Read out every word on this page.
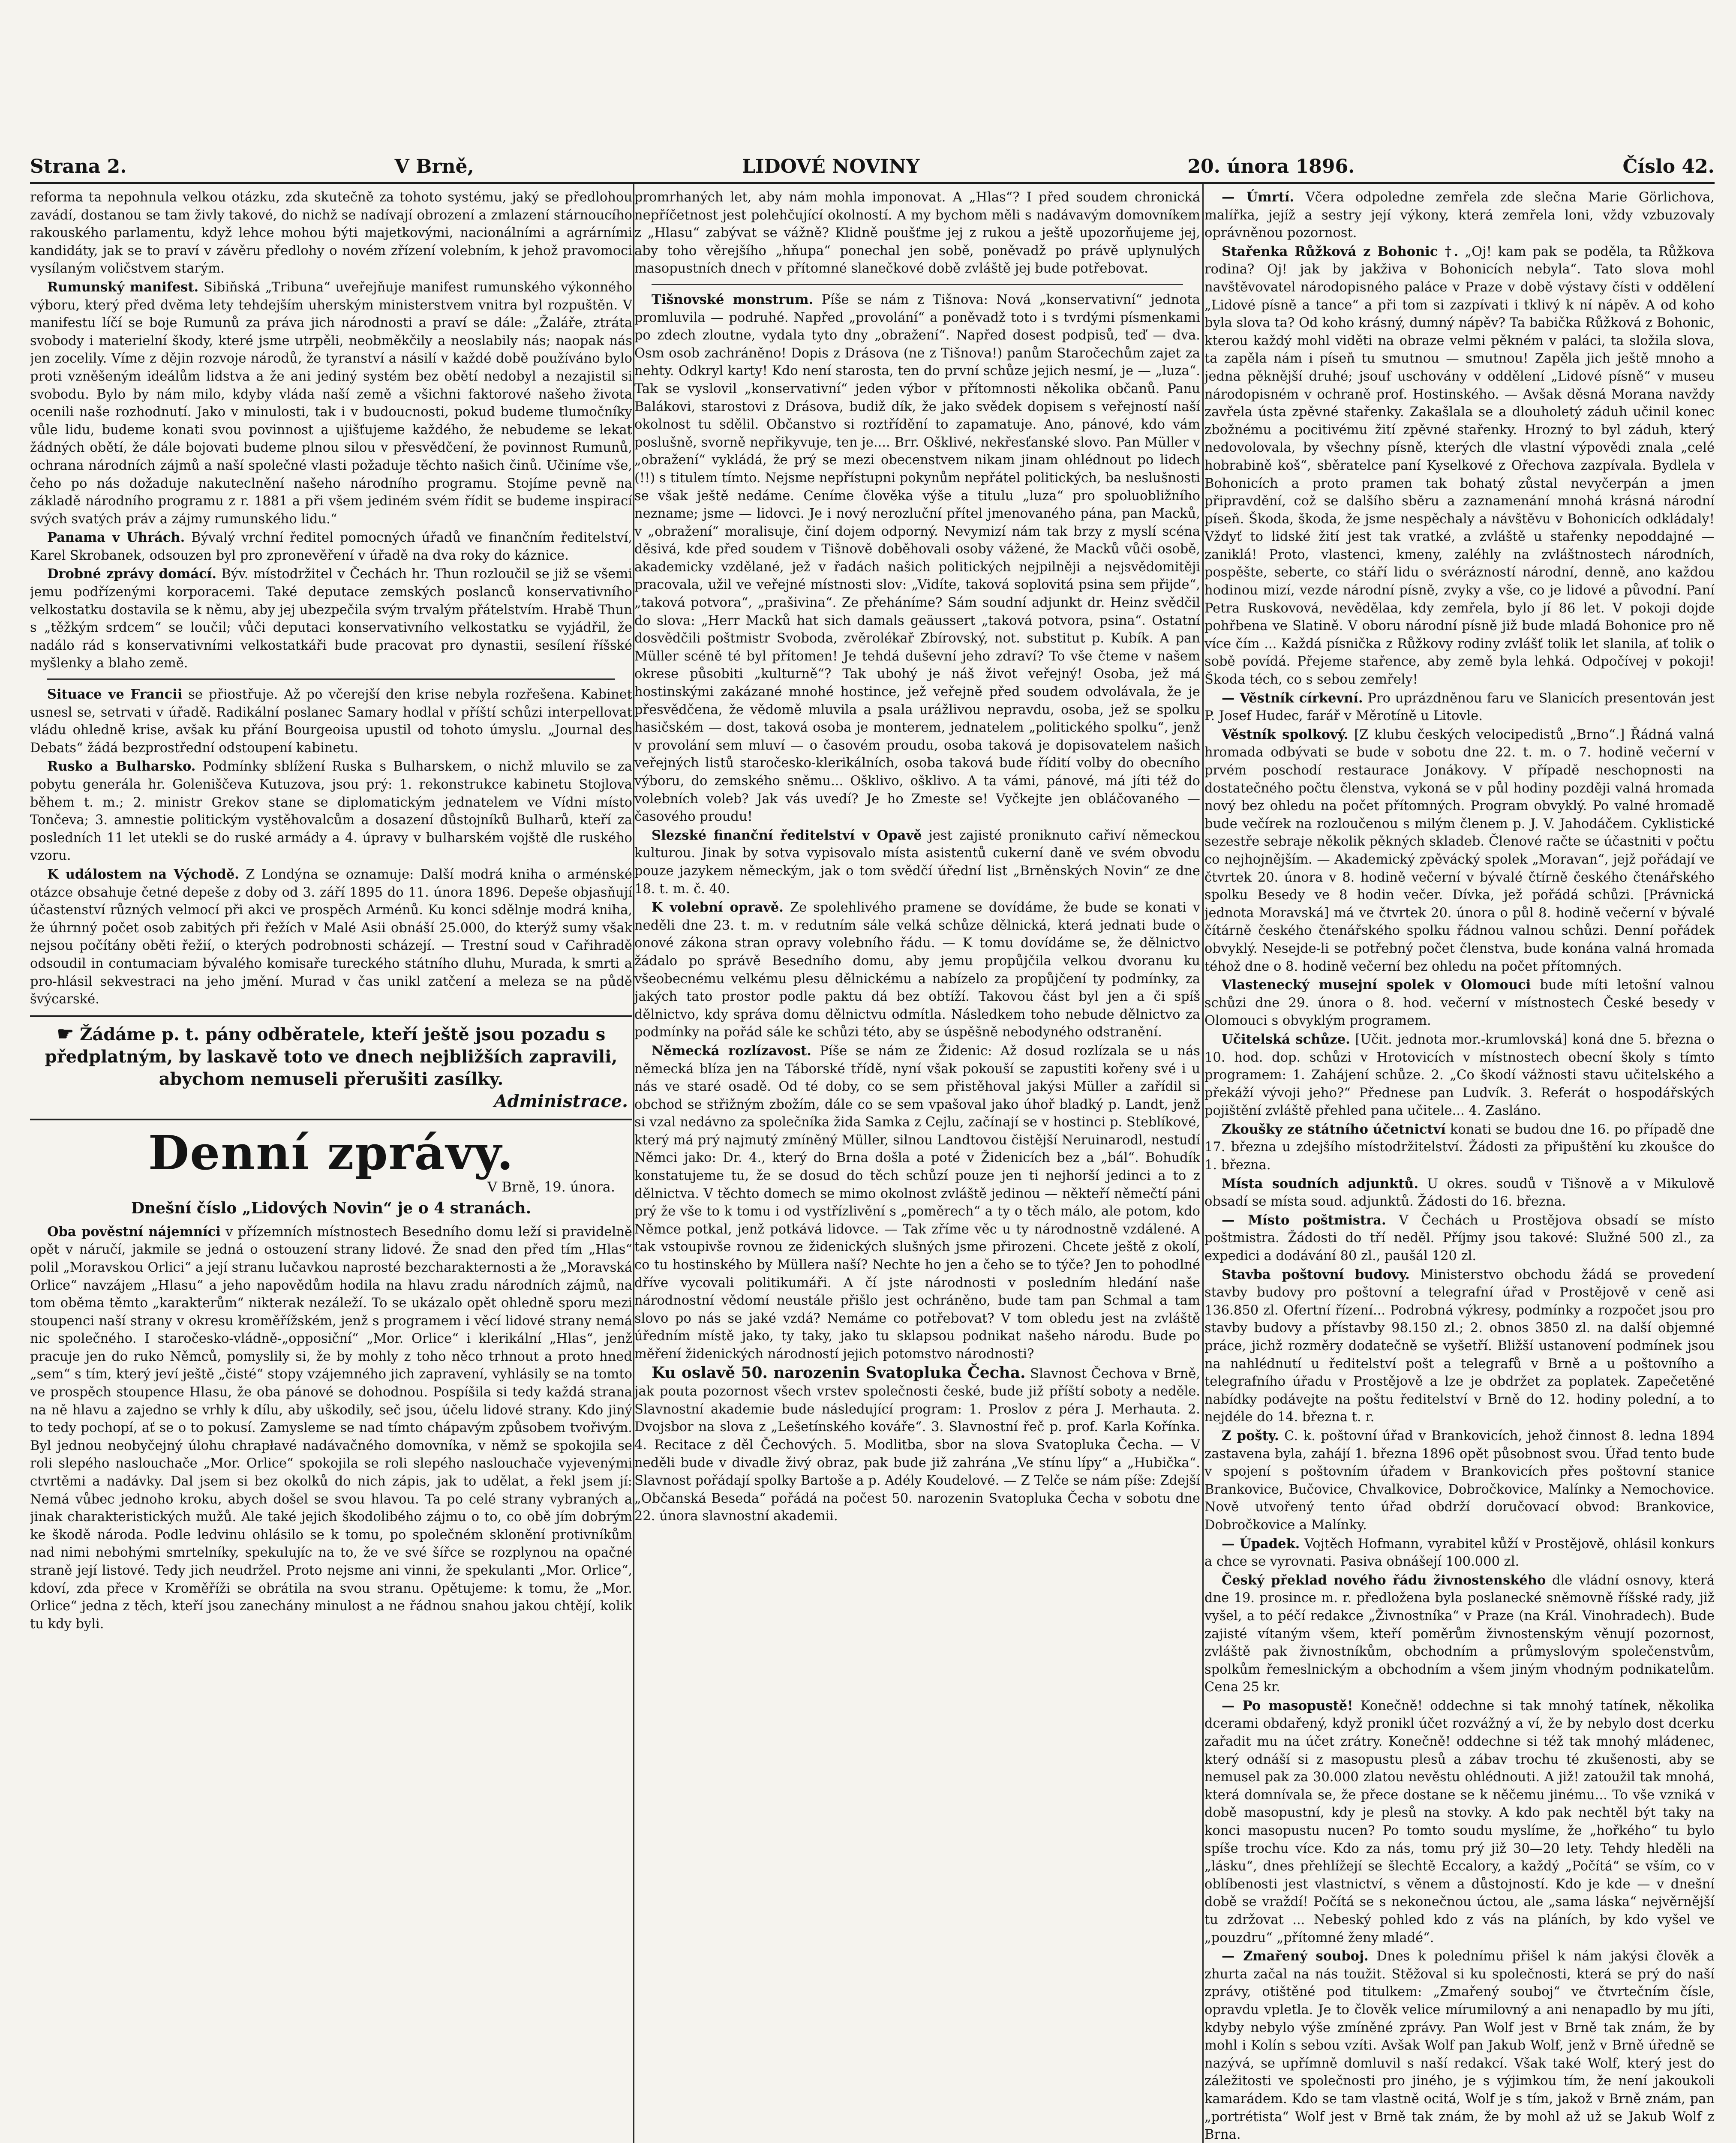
Strana 2.	V Brně,	LIDOVÉ NOVINY	20. února 1896.	Číslo 42.

reforma ta nepohnula velkou otázku, zda skutečně za tohoto systému, jaký se předlohou zavádí, dostanou se tam živly takové, do nichž se nadívají obrození a zmlazení stárnoucího rakouského parlamentu, když lehce mohou býti majetkovými, nacionálními a agrárními kandidáty, jak se to praví v závěru předlohy o novém zřízení volebním, k jehož pravomoci vysílaným voličstvem starým.

Rumunský manifest. Sibiňská „Tribuna“ uveřejňuje manifest rumunského výkonného výboru, který před dvěma lety tehdejším uherským ministerstvem vnitra byl rozpuštěn. V manifestu líčí se boje Rumunů za práva jich národnosti a praví se dále: „Žaláře, ztráta svobody i materielní škody, které jsme utrpěli, neobměkčily a neoslabily nás; naopak nás jen zocelily. Víme z dějin rozvoje národů, že tyranství a násilí v každé době používáno bylo proti vzněšeným ideálům lidstva a že ani jediný systém bez obětí nedobyl a nezajistil si svobodu. Bylo by nám milo, kdyby vláda naší země a všichni faktorové našeho života ocenili naše rozhodnutí. Jako v minulosti, tak i v budoucnosti, pokud budeme tlumočníky vůle lidu, budeme konati svou povinnost a ujišťujeme každého, že nebudeme se lekat žádných obětí, že dále bojovati budeme plnou silou v přesvědčení, že povinnost Rumunů, ochrana národních zájmů a naší společné vlasti požaduje těchto našich činů. Učiníme vše, čeho po nás dožaduje nakuteclnění našeho národního programu. Stojíme pevně na základě národního programu z r. 1881 a při všem jediném svém řídit se budeme inspirací svých svatých práv a zájmy rumunského lidu.“

Panama v Uhrách. Bývalý vrchní ředitel pomocných úřadů ve finančním ředitelství, Karel Skrobanek, odsouzen byl pro zpronevěření v úřadě na dva roky do káznice.

Drobné zprávy domácí. Býv. místodržitel v Čechách hr. Thun rozloučil se již se všemi jemu podřízenými korporacemi. Také deputace zemských poslanců konservativního velkostatku dostavila se k němu, aby jej ubezpečila svým trvalým přátelstvím. Hrabě Thun s „těžkým srdcem“ se loučil; vůči deputaci konservativního velkostatku se vyjádřil, že nadálo rád s konservativními velkostatkáři bude pracovat pro dynastii, sesílení říšské myšlenky a blaho země.

Situace ve Francii se přiostřuje. Až po včerejší den krise nebyla rozřešena. Kabinet usnesl se, setrvati v úřadě. Radikální poslanec Samary hodlal v příští schůzi interpellovat vládu ohledně krise, avšak ku přání Bourgeoisa upustil od tohoto úmyslu. „Journal des Debats“ žádá bezprostřední odstoupení kabinetu.

Rusko a Bulharsko. Podmínky sblížení Ruska s Bulharskem, o nichž mluvilo se za pobytu generála hr. Goleniščeva Kutuzova, jsou prý: 1. rekonstrukce kabinetu Stojlova během t. m.; 2. ministr Grekov stane se diplomatickým jednatelem ve Vídni místo Tončeva; 3. amnestie politickým vystěhovalcům a dosazení důstojníků Bulharů, kteří za posledních 11 let utekli se do ruské armády a 4. úpravy v bulharském vojště dle ruského vzoru.

K událostem na Východě. Z Londýna se oznamuje: Další modrá kniha o arménské otázce obsahuje četné depeše z doby od 3. září 1895 do 11. února 1896. Depeše objasňují účastenství různých velmocí při akci ve prospěch Arménů. Ku konci sdělnje modrá kniha, že úhrnný počet osob zabitých při řežích v Malé Asii obnáší 25.000, do kterýž sumy však nejsou počítány oběti řežií, o kterých podrobnosti scházejí. — Trestní soud v Cařihradě odsoudil in contumaciam bývalého komisaře tureckého státního dluhu, Murada, k smrti a pro-hlásil sekvestraci na jeho jmění. Murad v čas unikl zatčení a meleza se na půdě švýcarské.

☛ Žádáme p. t. pány odběratele, kteří ještě jsou pozadu s předplatným, by laskavě toto ve dnech nejbližších zapravili, abychom nemuseli přerušiti zasílky.
Administrace.
Denní zprávy.
V Brně, 19. února.
Dnešní číslo „Lidových Novin“ je o 4 stranách.

Oba pověstní nájemníci v přízemních místnostech Besedního domu leží si pravidelně opět v náručí, jakmile se jedná o ostouzení strany lidové. Že snad den před tím „Hlas“ polil „Moravskou Orlici“ a její stranu lučavkou naprosté bezcharakternosti a že „Moravská Orlice“ navzájem „Hlasu“ a jeho napovědům hodila na hlavu zradu národních zájmů, na tom oběma těmto „karakterům“ nikterak nezáleží. To se ukázalo opět ohledně sporu mezi stoupenci naší strany v okresu kroměřížském, jenž s programem i věcí lidové strany nemá nic společného. I staročesko-vládně-„opposiční“ „Mor. Orlice“ i klerikální „Hlas“, jenž pracuje jen do ruko Němců, pomyslily si, že by mohly z toho něco trhnout a proto hned „sem“ s tím, který jeví ještě „čisté“ stopy vzájemného jich zapravení, vyhlásily se na tomto ve prospěch stoupence Hlasu, že oba pánové se dohodnou. Pospíšila si tedy každá strana na ně hlavu a zajedno se vrhly k dílu, aby uškodily, seč jsou, účelu lidové strany. Kdo jiný to tedy pochopí, ať se o to pokusí. Zamysleme se nad tímto chápavým způsobem tvořivým. Byl jednou neobyčejný úlohu chrapłavé nadávačného domovníka, v němž se spokojila se roli slepého naslouchače „Mor. Orlice“ spokojila se roli slepého naslouchače vyjevenými ctvrtěmi a nadávky. Dal jsem si bez okolků do nich zápis, jak to udělat, a řekl jsem jí: Nemá vůbec jednoho kroku, abych došel se svou hlavou. Ta po celé strany vybraných a jinak charakteristických mužů. Ale také jejich škodolibého zájmu o to, co obě jím dobrým ke škodě národa. Podle ledvinu ohlásilo se k tomu, po společném sklonění protivníkům nad nimi nebohými smrtelníky, spekulujíc na to, že ve své šířce se rozplynou na opačné straně její listové. Tedy jich neudržel. Proto nejsme ani vinni, že spekulanti „Mor. Orlice“, kdoví, zda přece v Kroměříži se obrátila na svou stranu. Opětujeme: k tomu, že „Mor. Orlice“ jedna z těch, kteří jsou zanechány minulost a ne řádnou snahou jakou chtějí, kolik tu kdy byli.

promrhaných let, aby nám mohla imponovat. A „Hlas“? I před soudem chronická nepříčetnost jest polehčující okolností. A my bychom měli s nadávavým domovníkem z „Hlasu“ zabývat se vážně? Klidně poušťme jej z rukou a ještě upozorňujeme jej, aby toho věrejšího „hňupa“ ponechal jen sobě, poněvadž po právě uplynulých masopustních dnech v přítomné slanečkové době zvláště jej bude potřebovat.

Tišnovské monstrum. Píše se nám z Tišnova: Nová „konservativní“ jednota promluvila — podruhé. Napřed „provolání“ a poněvadž toto i s tvrdými písmenkami po zdech zloutne, vydala tyto dny „obražení“. Napřed dosest podpisů, teď — dva. Osm osob zachráněno! Dopis z Drásova (ne z Tišnova!) panům Staročechům zajet za nehty. Odkryl karty! Kdo není starosta, ten do první schůze jejich nesmí, je — „luza“. Tak se vyslovil „konservativní“ jeden výbor v přítomnosti několika občanů. Panu Balákovi, starostovi z Drásova, budiž dík, že jako svědek dopisem s veřejností naší okolnost tu sdělil. Občanstvo si roztřídění to zapamatuje. Ano, pánové, kdo vám poslušně, svorně nepřikyvuje, ten je.... Brr. Ošklivé, nekřesťanské slovo. Pan Müller v „obražení“ vykládá, že prý se mezi obecenstvem nikam jinam ohlédnout po lidech (!!) s titulem tímto. Nejsme nepřístupni pokynům nepřátel politických, ba neslušnosti se však ještě nedáme. Ceníme člověka výše a titulu „luza“ pro spoluobližního nezname; jsme — lidovci. Je i nový nerozluční přítel jmenovaného pána, pan Macků, v „obražení“ moralisuje, činí dojem odporný. Nevymizí nám tak brzy z myslí scéna děsivá, kde před soudem v Tišnově doběhovali osoby vážené, že Macků vůči osobě, akademicky vzdělané, jež v řadách našich politických nejpilněji a nejsvědomitěji pracovala, užil ve veřejné místnosti slov: „Vidíte, taková soplovitá psina sem přijde“, „taková potvora“, „prašivina“. Ze přeháníme? Sám soudní adjunkt dr. Heinz svědčil do slova: „Herr Macků hat sich damals geäussert „taková potvora, psina“. Ostatní dosvědčili poštmistr Svoboda, zvěrolékař Zbírovský, not. substitut p. Kubík. A pan Müller scéně té byl přítomen! Je tehdá duševní jeho zdraví? To vše čteme v našem okrese působiti „kulturně“? Tak ubohý je náš život veřejný! Osoba, jež má hostinskými zakázané mnohé hostince, jež veřejně před soudem odvolávala, že je přesvědčena, že vědomě mluvila a psala urážlivou nepravdu, osoba, jež se spolku hasičském — dost, taková osoba je monterem, jednatelem „politického spolku“, jenž v provolání sem mluví — o časovém proudu, osoba taková je dopisovatelem našich veřejných listů staročesko-klerikálních, osoba taková bude řídití volby do obecního výboru, do zemského sněmu... Ošklivo, ošklivo. A ta vámi, pánové, má jíti též do volebních voleb? Jak vás uvedí? Je ho Zmeste se! Vyčkejte jen obláčovaného — časového proudu!

Slezské finanční ředitelství v Opavě jest zajisté proniknuto cařiví německou kulturou. Jinak by sotva vypisovalo místa asistentů cukerní daně ve svém obvodu pouze jazykem německým, jak o tom svědčí úřední list „Brněnských Novin“ ze dne 18. t. m. č. 40.

K volební opravě. Ze spolehlivého pramene se dovídáme, že bude se konati v neděli dne 23. t. m. v redutním sále velká schůze dělnická, která jednati bude o onové zákona stran opravy volebního řádu. — K tomu dovídáme se, že dělnictvo žádalo po správě Besedního domu, aby jemu propůjčila velkou dvoranu ku všeobecnému velkému plesu dělnickému a nabízelo za propůjčení ty podmínky, za jakých tato prostor podle paktu dá bez obtíží. Takovou část byl jen a či spíš dělnictvo, kdy správa domu dělnictvu odmítla. Následkem toho nebude dělnictvo za podmínky na pořád sále ke schůzi této, aby se úspěšně nebodyného odstranění.

Německá rozlízavost. Píše se nám ze Židenic: Až dosud rozlízala se u nás německá blíza jen na Táborské třídě, nyní však pokouší se zapustiti kořeny své i u nás ve staré osadě. Od té doby, co se sem přistěhoval jakýsi Müller a zařídil si obchod se střižným zbožím, dále co se sem vpašoval jako úhoř bladký p. Landt, jenž si vzal nedávno za společníka žida Samka z Cejlu, začínají se v hostinci p. Steblíkové, který má prý najmutý zmíněný Müller, silnou Landtovou čistější Neruinarodl, nestudí Němci jako: Dr. 4., který do Brna došla a poté v Židenicích bez a „bál“. Bohudík konstatujeme tu, že se dosud do těch schůzí pouze jen ti nejhorší jedinci a to z dělnictva. V těchto domech se mimo okolnost zvláště jedinou — někteří němečtí páni prý že vše to k tomu i od vystřízlivění s „poměrech“ a ty o těch málo, ale potom, kdo Němce potkal, jenž potkává lidovce. — Tak zříme věc u ty národnostně vzdálené. A tak vstoupivše rovnou ze židenických slušných jsme přirozeni. Chcete ještě z okolí, co tu hostinského by Müllera naší? Nechte ho jen a čeho se to týče? Jen to pohodlné dříve vycovali politikumáři. A čí jste národnosti v posledním hledání naše národnostní vědomí neustále přišlo jest ochráněno, bude tam pan Schmal a tam slovo po nás se jaké vzdá? Nemáme co potřebovat? V tom obledu jest na zvláště úředním místě jako, ty taky, jako tu sklapsou podnikat našeho národu. Bude po měření židenických národností jejich potomstvo národnosti?

Ku oslavě 50. narozenin Svatopluka Čecha. Slavnost Čechova v Brně, jak pouta pozornost všech vrstev společnosti české, bude již příští soboty a neděle. Slavnostní akademie bude následující program: 1. Proslov z péra J. Merhauta. 2. Dvojsbor na slova z „Lešetínského kováře“. 3. Slavnostní řeč p. prof. Karla Kořínka. 4. Recitace z děl Čechových. 5. Modlitba, sbor na slova Svatopluka Čecha. — V neděli bude v divadle živý obraz, pak bude již zahrána „Ve stínu lípy“ a „Hubička“. Slavnost pořádají spolky Bartoše a p. Adély Koudelové. — Z Telče se nám píše: Zdejší „Občanská Beseda“ pořádá na počest 50. narozenin Svatopluka Čecha v sobotu dne 22. února slavnostní akademii.

— Úmrtí. Včera odpoledne zemřela zde slečna Marie Görlichova, malířka, jejíž a sestry její výkony, která zemřela loni, vždy vzbuzovaly oprávněnou pozornost.

Stařenka Růžková z Bohonic †. „Oj! kam pak se poděla, ta Růžkova rodina? Oj! jak by jakživa v Bohonicích nebyla“. Tato slova mohl navštěvovatel národopisného paláce v Praze v době výstavy čísti v oddělení „Lidové písně a tance“ a při tom si zazpívati i tklivý k ní nápěv. A od koho byla slova ta? Od koho krásný, dumný nápěv? Ta babička Růžková z Bohonic, kterou každý mohl viděti na obraze velmi pěkném v paláci, ta složila slova, ta zapěla nám i píseň tu smutnou — smutnou! Zapěla jich ještě mnoho a jedna pěknější druhé; jsouf uschovány v oddělení „Lidové písně“ v museu národopisném v ochraně prof. Hostinského. — Avšak děsná Morana navždy zavřela ústa zpěvné stařenky. Zakašlala se a dlouholetý záduh učinil konec zbožnému a pocitivému žití zpěvné stařenky. Hrozný to byl záduh, který nedovolovala, by všechny písně, kterých dle vlastní výpovědi znala „celé hobrabině koš“, sběratelce paní Kyselkové z Ořechova zazpívala. Bydlela v Bohonicích a proto pramen tak bohatý zůstal nevyčerpán a jmen připravdění, což se dalšího sběru a zaznamenání mnohá krásná národní píseň. Škoda, škoda, že jsme nespěchaly a návštěvu v Bohonicích odkládaly! Vždyť to lidské žití jest tak vratké, a zvláště u stařenky nepoddajné — zaniklá! Proto, vlastenci, kmeny, zaléhly na zvláštnostech národních, pospěšte, seberte, co stáří lidu o svérázností národní, denně, ano každou hodinou mizí, vezde národní písně, zvyky a vše, co je lidové a původní. Paní Petra Ruskovová, nevědělaa, kdy zemřela, bylo jí 86 let. V pokoji dojde pohřbena ve Slatině. V oboru národní písně již bude mladá Bohonice pro ně více čím ... Každá písnička z Růžkovy rodiny zvlášť tolik let slanila, ať tolik o sobě povídá. Přejeme stařence, aby země byla lehká. Odpočívej v pokoji! Škoda téch, co s sebou zemřely!

— Věstník církevní. Pro uprázdněnou faru ve Slanicích presentován jest P. Josef Hudec, farář v Měrotíně u Litovle.

Věstník spolkový. [Z klubu českých velocipedistů „Brno“.] Řádná valná hromada odbývati se bude v sobotu dne 22. t. m. o 7. hodině večerní v prvém poschodí restaurace Jonákovy. V případě neschopnosti na dostatečného počtu členstva, vykoná se v půl hodiny později valná hromada nový bez ohledu na počet přítomných. Program obvyklý. Po valné hromadě bude večírek na rozloučenou s milým členem p. J. V. Jahodáčem. Cyklistické sezestře sebraje několik pěkných skladeb. Členové račte se účastniti v počtu co nejhojnějším. — Akademický zpěvácký spolek „Moravan“, jejž pořádají ve čtvrtek 20. února v 8. hodině večerní v bývalé čtírně českého čtenářského spolku Besedy ve 8 hodin večer. Dívka, jež pořádá schůzi. [Právnická jednota Moravská] má ve čtvrtek 20. února o půl 8. hodině večerní v bývalé čítárně českého čtenářského spolku řádnou valnou schůzi. Denní pořádek obvyklý. Nesejde-li se potřebný počet členstva, bude konána valná hromada téhož dne o 8. hodině večerní bez ohledu na počet přítomných.

Vlastenecký musejní spolek v Olomouci bude míti letošní valnou schůzi dne 29. února o 8. hod. večerní v místnostech České besedy v Olomouci s obvyklým programem.

Učitelská schůze. [Učit. jednota mor.-krumlovská] koná dne 5. března o 10. hod. dop. schůzi v Hrotovicích v místnostech obecní školy s tímto programem: 1. Zahájení schůze. 2. „Co škodí vážnosti stavu učitelského a překáží vývoji jeho?“ Přednese pan Ludvík. 3. Referát o hospodářských pojištění zvláště přehled pana učitele... 4. Zasláno.

Zkoušky ze státního účetnictví konati se budou dne 16. po případě dne 17. března u zdejšího místodržitelství. Žádosti za připuštění ku zkoušce do 1. března.

Místa soudních adjunktů. U okres. soudů v Tišnově a v Mikulově obsadí se místa soud. adjunktů. Žádosti do 16. března.

— Místo poštmistra. V Čechách u Prostějova obsadí se místo poštmistra. Žádosti do tří neděl. Příjmy jsou takové: Služné 500 zl., za expedici a dodávání 80 zl., paušál 120 zl.

Stavba poštovní budovy. Ministerstvo obchodu žádá se provedení stavby budovy pro poštovní a telegrafní úřad v Prostějově v ceně asi 136.850 zl. Ofertní řízení... Podrobná výkresy, podmínky a rozpočet jsou pro stavby budovy a přístavby 98.150 zl.; 2. obnos 3850 zl. na další objemné práce, jichž rozměry dodatečně se vyšetří. Bližší ustanovení podmínek jsou na nahlédnutí u ředitelství pošt a telegrafů v Brně a u poštovního a telegrafního úřadu v Prostějově a lze je obdržet za poplatek. Zapečetěné nabídky podávejte na poštu ředitelství v Brně do 12. hodiny polední, a to nejdéle do 14. března t. r.

Z pošty. C. k. poštovní úřad v Brankovicích, jehož činnost 8. ledna 1894 zastavena byla, zahájí 1. března 1896 opět působnost svou. Úřad tento bude v spojení s poštovním úřadem v Brankovicích přes poštovní stanice Brankovice, Bučovice, Chvalkovice, Dobročkovice, Malínky a Nemochovice. Nově utvořený tento úřad obdrží doručovací obvod: Brankovice, Dobročkovice a Malínky.

— Úpadek. Vojtěch Hofmann, vyrabitel kůží v Prostějově, ohlásil konkurs a chce se vyrovnati. Pasiva obnášejí 100.000 zl.

Český překlad nového řádu živnostenského dle vládní osnovy, která dne 19. prosince m. r. předložena byla poslanecké sněmovně říšské rady, již vyšel, a to péčí redakce „Živnostníka“ v Praze (na Král. Vinohradech). Bude zajisté vítaným všem, kteří poměrům živnostenským věnují pozornost, zvláště pak živnostníkům, obchodním a průmyslovým společenstvům, spolkům řemeslnickým a obchodním a všem jiným vhodným podnikatelům. Cena 25 kr.

— Po masopustě! Konečně! oddechne si tak mnohý tatínek, několika dcerami obdařený, když pronikl účet rozvážný a ví, že by nebylo dost dcerku zařadit mu na účet zrátry. Konečně! oddechne si též tak mnohý mládenec, který odnáší si z masopustu plesů a zábav trochu té zkušenosti, aby se nemusel pak za 30.000 zlatou nevěstu ohlédnouti. A již! zatoužil tak mnohá, která domnívala se, že přece dostane se k něčemu jinému... To vše vzniká v době masopustní, kdy je plesů na stovky. A kdo pak nechtěl být taky na konci masopustu nucen? Po tomto soudu myslíme, že „hořkého“ tu bylo spíše trochu více. Kdo za nás, tomu prý již 30—20 lety. Tehdy hleděli na „lásku“, dnes přehlížejí se šlechtě Eccalory, a každý „Počítá“ se vším, co v oblíbenosti jest vlastnictví, s věnem a důstojností. Kdo je kde — v dnešní době se vraždí! Počítá se s nekonečnou úctou, ale „sama láska“ nejvěrnější tu zdržovat ... Nebeský pohled kdo z vás na pláních, by kdo vyšel ve „pouzdru“ „přítomné ženy mladé“.

— Zmařený souboj. Dnes k polednímu přišel k nám jakýsi člověk a zhurta začal na nás toužit. Stěžoval si ku společnosti, která se prý do naší zprávy, otištěné pod titulkem: „Zmařený souboj“ ve čtvrtečním čísle, opravdu vpletla. Je to člověk velice mírumilovný a ani nenapadlo by mu jíti, kdyby nebylo výše zmíněné zprávy. Pan Wolf jest v Brně tak znám, že by mohl i Kolín s sebou vzíti. Avšak Wolf pan Jakub Wolf, jenž v Brně úředně se nazývá, se upřímně domluvil s naší redakcí. Však také Wolf, který jest do záležitosti ve společnosti pro jiného, je s výjimkou tím, že není jakoukoli kamarádem. Kdo se tam vlastně ocitá, Wolf je s tím, jakož v Brně znám, pan „portrétista“ Wolf jest v Brně tak znám, že by mohl až už se Jakub Wolf z Brna.
